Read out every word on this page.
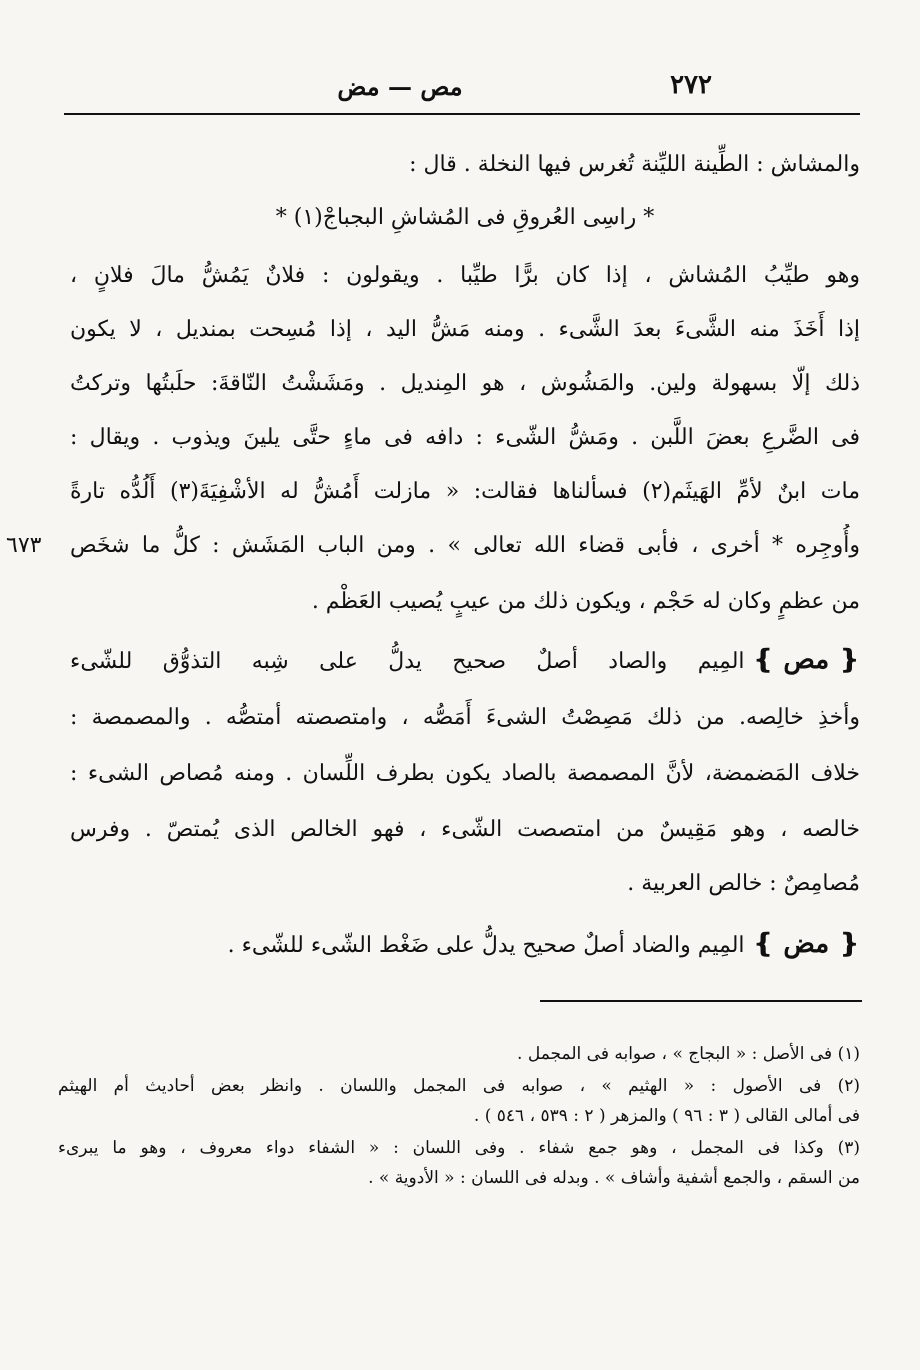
٢٧٢
مص — مض
والمشاش : الطِّينة الليِّنة تُغرس فيها النخلة . قال :
* راسِى العُروقِ فى المُشاشِ البجباجْ(١) *
وهو طيِّبُ المُشاش ، إذا كان برًّا طيِّبا . ويقولون : فلانٌ يَمُشُّ مالَ فلانٍ ،
إذا أَخَذَ منه الشَّىءَ بعدَ الشَّىء . ومنه مَشُّ اليد ، إذا مُسِحت بمنديل ، لا يكون
ذلك إلّا بسهولة ولين. والمَشُوش ، هو المِنديل . ومَشَشْتُ النّاقةَ: حلَبتُها وتركتُ
فى الضَّرعِ بعضَ اللَّبن . ومَشُّ الشّىء : دافه فى ماءٍ حتَّى يلينَ ويذوب . ويقال :
مات ابنٌ لأمِّ الهَيثَم(٢) فسألناها فقالت: « مازلت أَمُشُّ له الأشْفِيَةَ(٣) أَلُدُّه تارةً
وأُوجِره * أخرى ، فأبى قضاء الله تعالى » . ومن الباب المَشَش : كلُّ ما شخَص
٦٧٣
من عظمٍ وكان له حَجْم ، ويكون ذلك من عيبٍ يُصيب العَظْم .
❴ مص ❵المِيم والصاد أصلٌ صحيح يدلُّ على شِبه التذوُّق للشّىء
وأخذِ خالِصه. من ذلك مَصِصْتُ الشىءَ أَمَصُّه ، وامتصصته أمتصُّه . والمصمصة :
خلاف المَضمضة، لأنَّ المصمصة بالصاد يكون بطرف اللِّسان . ومنه مُصاص الشىء :
خالصه ، وهو مَقِيسٌ من امتصصت الشّىء ، فهو الخالص الذى يُمتصّ . وفرس
مُصامِصٌ : خالص العربية .
❴ مض ❵المِيم والضاد أصلٌ صحيح يدلُّ على ضَغْط الشّىء للشّىء .
(١) فى الأصل : « البجاج » ، صوابه فى المجمل .
(٢) فى الأصول : « الهثيم » ، صوابه فى المجمل واللسان . وانظر بعض أحاديث أم الهيثم
فى أمالى القالى ( ٣ : ٩٦ ) والمزهر ( ٢ : ٥٣٩ ، ٥٤٦ ) .
(٣) وكذا فى المجمل ، وهو جمع شفاء . وفى اللسان : « الشفاء دواء معروف ، وهو ما يبرىء
من السقم ، والجمع أشفية وأشاف » . وبدله فى اللسان : « الأدوية » .
